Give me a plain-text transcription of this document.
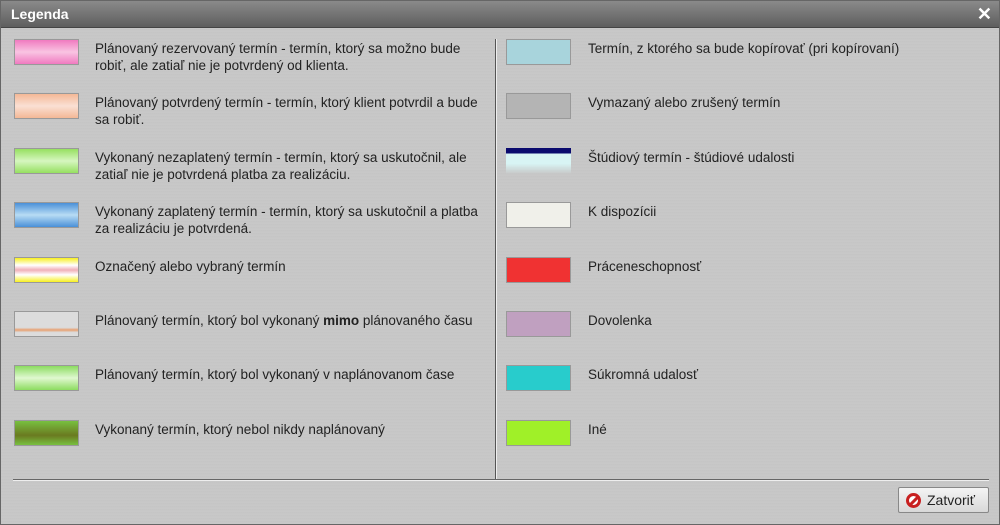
Legenda	✕
Plánovaný rezervovaný termín - termín, ktorý sa možno bude robiť, ale zatiaľ nie je potvrdený od klienta.
Plánovaný potvrdený termín - termín, ktorý klient potvrdil a bude sa robiť.
Vykonaný nezaplatený termín - termín, ktorý sa uskutočnil, ale zatiaľ nie je potvrdená platba za realizáciu.
Vykonaný zaplatený termín - termín, ktorý sa uskutočnil a platba za realizáciu je potvrdená.
Označený alebo vybraný termín
Plánovaný termín, ktorý bol vykonaný mimo plánovaného času
Plánovaný termín, ktorý bol vykonaný v naplánovanom čase
Vykonaný termín, ktorý nebol nikdy naplánovaný
Termín, z ktorého sa bude kopírovať (pri kopírovaní)
Vymazaný alebo zrušený termín
Štúdiový termín - štúdiové udalosti
K dispozícii
Práceneschopnosť
Dovolenka
Súkromná udalosť
Iné
Zatvoriť
